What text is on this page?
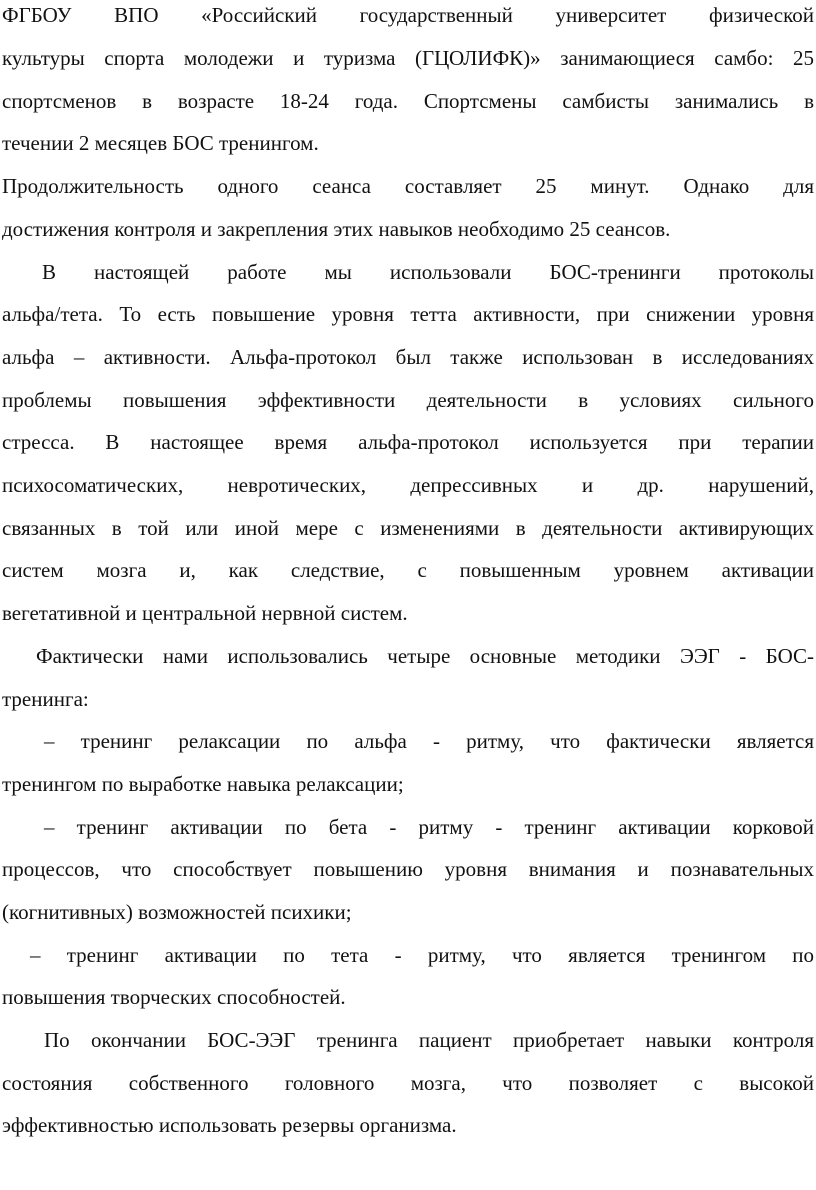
ФГБОУ ВПО «Российский государственный университет физической
культуры спорта молодежи и туризма (ГЦОЛИФК)» занимающиеся самбо: 25
спортсменов в возрасте 18-24 года. Спортсмены самбисты занимались в
течении 2 месяцев БОС тренингом.
Продолжительность одного сеанса составляет 25 минут. Однако для
достижения контроля и закрепления этих навыков необходимо 25 сеансов.
В настоящей работе мы использовали БОС-тренинги протоколы
альфа/тета. То есть повышение уровня тетта активности, при снижении уровня
альфа – активности. Альфа-протокол был также использован в исследованиях
проблемы повышения эффективности деятельности в условиях сильного
стресса. В настоящее время альфа-протокол используется при терапии
психосоматических, невротических, депрессивных и др. нарушений,
связанных в той или иной мере с изменениями в деятельности активирующих
систем мозга и, как следствие, с повышенным уровнем активации
вегетативной и центральной нервной систем.
Фактически нами использовались четыре основные методики ЭЭГ - БОС-
тренинга:
– тренинг релаксации по альфа - ритму, что фактически является
тренингом по выработке навыка релаксации;
– тренинг активации по бета - ритму - тренинг активации корковой
процессов, что способствует повышению уровня внимания и познавательных
(когнитивных) возможностей психики;
– тренинг активации по тета - ритму, что является тренингом по
повышения творческих способностей.
По окончании БОС-ЭЭГ тренинга пациент приобретает навыки контроля
состояния собственного головного мозга, что позволяет с высокой
эффективностью использовать резервы организма.
